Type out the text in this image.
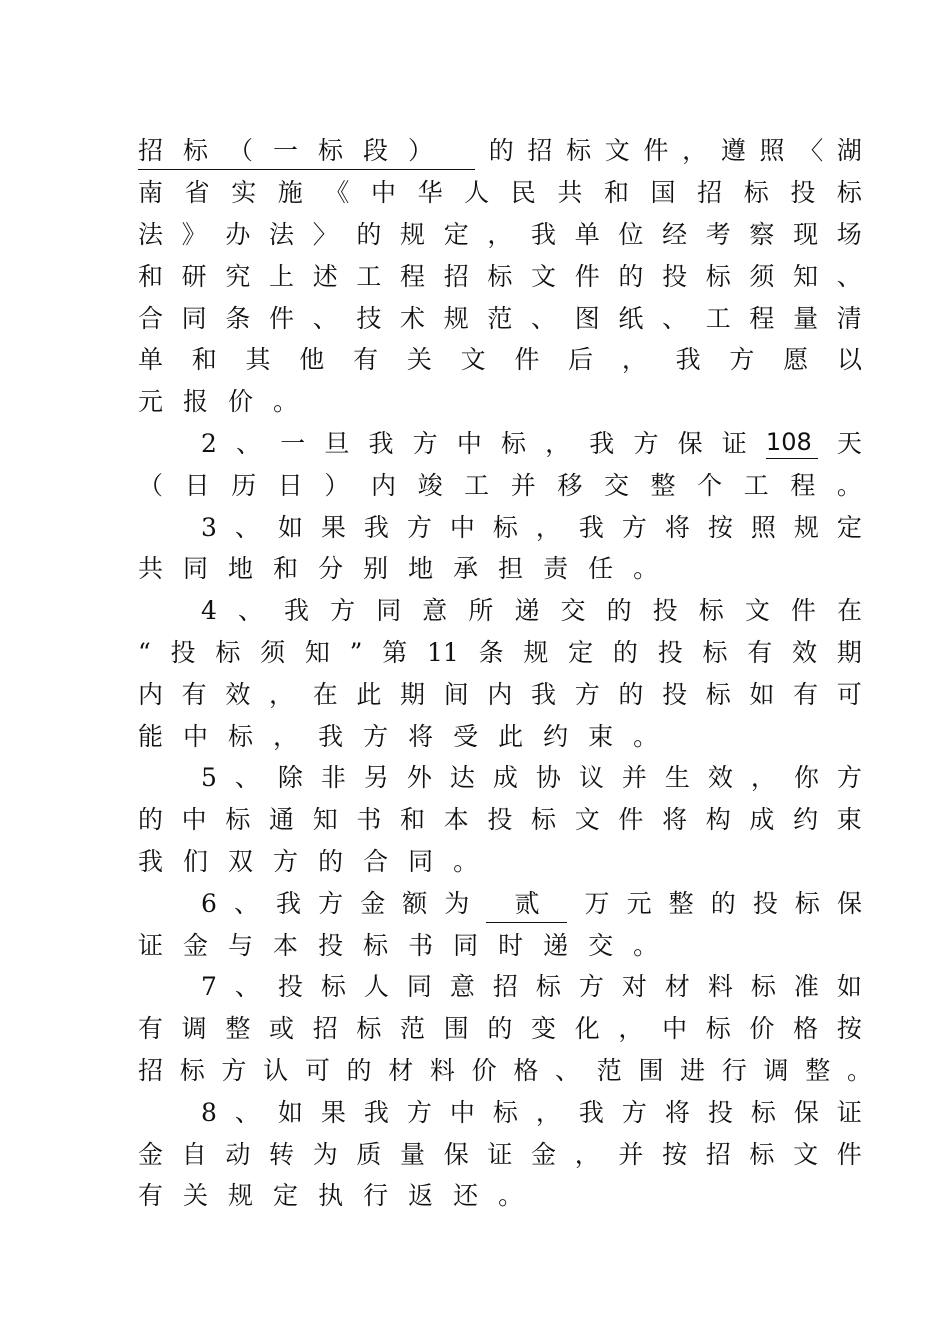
招标（一标段）	的 招 标 文 件 ， 遵 照 〈 湖
南 省 实 施 《 中 华 人 民 共 和 国 招 标 投 标
法 》 办 法 〉 的 规 定 ， 我 单 位 经 考 察 现 场
和 研 究 上 述 工 程 招 标 文 件 的 投 标 须 知 、
合 同 条 件 、 技 术 规 范 、 图 纸 、 工 程 量 清
单 和 其 他 有 关 文 件 后 ， 我 方 愿 以
元 报 价 。
2 、 一 旦 我 方 中 标 ， 我 方 保 证 108 天
（ 日 历 日 ） 内 竣 工 并 移 交 整 个 工 程 。
3 、 如 果 我 方 中 标 ， 我 方 将 按 照 规 定
共 同 地 和 分 别 地 承 担 责 任 。
4 、 我 方 同 意 所 递 交 的 投 标 文 件 在
“ 投 标 须 知 ” 第 11 条 规 定 的 投 标 有 效 期
内 有 效 ， 在 此 期 间 内 我 方 的 投 标 如 有 可
能 中 标 ， 我 方 将 受 此 约 束 。
5 、 除 非 另 外 达 成 协 议 并 生 效 ， 你 方
的 中 标 通 知 书 和 本 投 标 文 件 将 构 成 约 束
我 们 双 方 的 合 同 。
6 、 我 方 金 额 为	贰	万 元 整 的 投 标 保
证 金 与 本 投 标 书 同 时 递 交 。
7 、 投 标 人 同 意 招 标 方 对 材 料 标 准 如
有 调 整 或 招 标 范 围 的 变 化 ， 中 标 价 格 按
招 标 方 认 可 的 材 料 价 格 、 范 围 进 行 调 整 。
8 、 如 果 我 方 中 标 ， 我 方 将 投 标 保 证
金 自 动 转 为 质 量 保 证 金 ， 并 按 招 标 文 件
有 关 规 定 执 行 返 还 。
